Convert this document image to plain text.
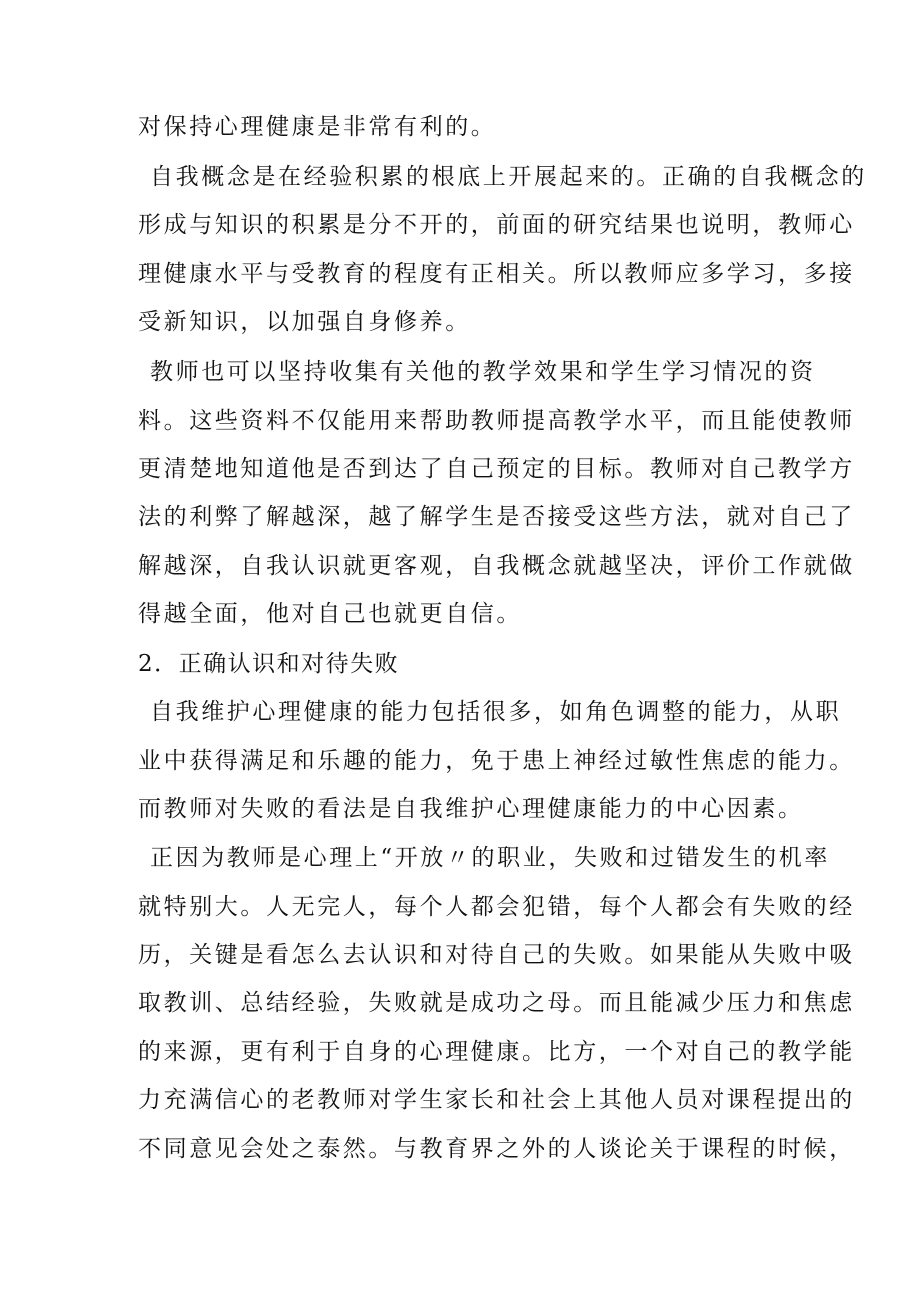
对保持心理健康是非常有利的。
自我概念是在经验积累的根底上开展起来的。正确的自我概念的
形成与知识的积累是分不开的，前面的研究结果也说明，教师心
理健康水平与受教育的程度有正相关。所以教师应多学习，多接
受新知识，以加强自身修养。
教师也可以坚持收集有关他的教学效果和学生学习情况的资
料。这些资料不仅能用来帮助教师提高教学水平，而且能使教师
更清楚地知道他是否到达了自己预定的目标。教师对自己教学方
法的利弊了解越深，越了解学生是否接受这些方法，就对自己了
解越深，自我认识就更客观，自我概念就越坚决，评价工作就做
得越全面，他对自己也就更自信。
2．正确认识和对待失败
自我维护心理健康的能力包括很多，如角色调整的能力，从职
业中获得满足和乐趣的能力，免于患上神经过敏性焦虑的能力。
而教师对失败的看法是自我维护心理健康能力的中心因素。
正因为教师是心理上“开放〃的职业，失败和过错发生的机率
就特别大。人无完人，每个人都会犯错，每个人都会有失败的经
历，关键是看怎么去认识和对待自己的失败。如果能从失败中吸
取教训、总结经验，失败就是成功之母。而且能减少压力和焦虑
的来源，更有利于自身的心理健康。比方，一个对自己的教学能
力充满信心的老教师对学生家长和社会上其他人员对课程提出的
不同意见会处之泰然。与教育界之外的人谈论关于课程的时候，
